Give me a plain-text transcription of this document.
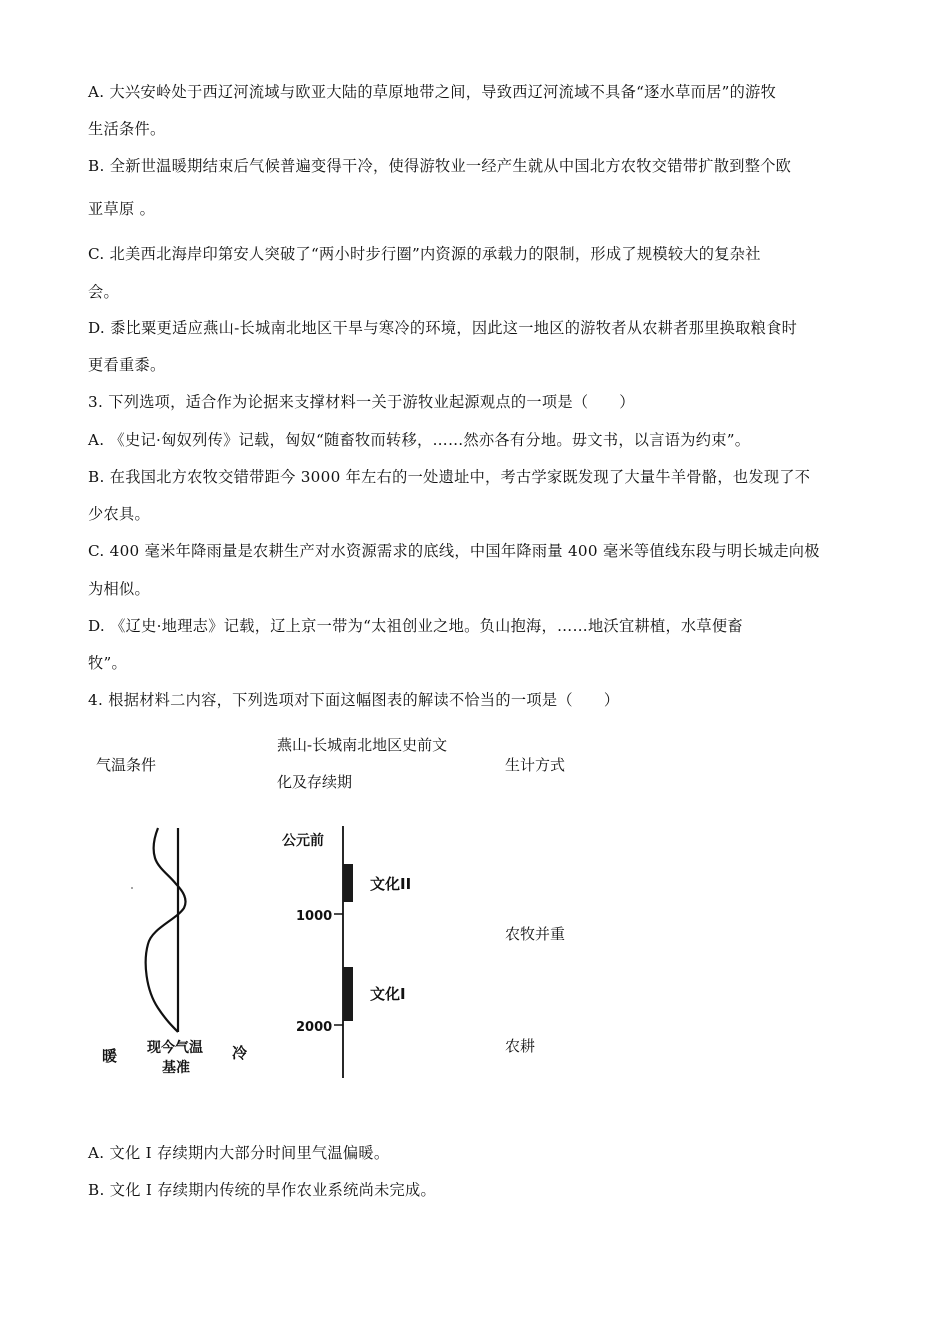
A. 大兴安岭处于西辽河流域与欧亚大陆的草原地带之间，导致西辽河流域不具备“逐水草而居”的游牧
生活条件。
B. 全新世温暖期结束后气候普遍变得干冷，使得游牧业一经产生就从中国北方农牧交错带扩散到整个欧
亚草原 。
C. 北美西北海岸印第安人突破了“两小时步行圈”内资源的承载力的限制，形成了规模较大的复杂社
会。
D. 黍比粟更适应燕山-长城南北地区干旱与寒冷的环境，因此这一地区的游牧者从农耕者那里换取粮食时
更看重黍。
3. 下列选项，适合作为论据来支撑材料一关于游牧业起源观点的一项是（　　）
A. 《史记·匈奴列传》记载，匈奴“随畜牧而转移，……然亦各有分地。毋文书，以言语为约束”。
B. 在我国北方农牧交错带距今 3000 年左右的一处遗址中，考古学家既发现了大量牛羊骨骼，也发现了不
少农具。
C. 400 毫米年降雨量是农耕生产对水资源需求的底线，中国年降雨量 400 毫米等值线东段与明长城走向极
为相似。
D. 《辽史·地理志》记载，辽上京一带为“太祖创业之地。负山抱海，……地沃宜耕植，水草便畜
牧”。
4. 根据材料二内容，下列选项对下面这幅图表的解读不恰当的一项是（　　）
气温条件
燕山-长城南北地区史前文
化及存续期
生计方式
农牧并重
农耕
暖	冷
现今气温
基准
公元前
1000
2000
文化II
文化I
A. 文化 I 存续期内大部分时间里气温偏暖。
B. 文化 I 存续期内传统的旱作农业系统尚未完成。
